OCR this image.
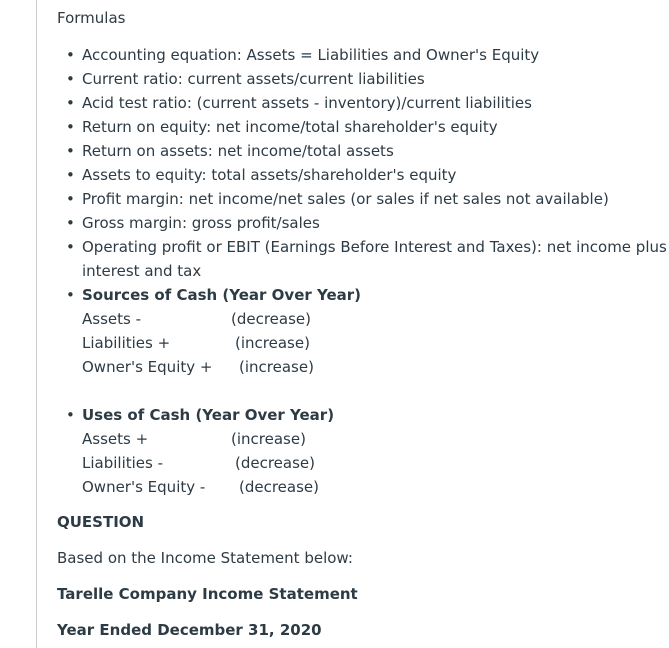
Formulas
• Accounting equation: Assets = Liabilities and Owner's Equity
• Current ratio: current assets/current liabilities
• Acid test ratio: (current assets - inventory)/current liabilities
• Return on equity: net income/total shareholder's equity
• Return on assets: net income/total assets
• Assets to equity: total assets/shareholder's equity
• Profit margin: net income/net sales (or sales if net sales not available)
• Gross margin: gross profit/sales
• Operating profit or EBIT (Earnings Before Interest and Taxes): net income plus
interest and tax
• Sources of Cash (Year Over Year)
Assets -	(decrease)
Liabilities +	(increase)
Owner's Equity + (increase)
• Uses of Cash (Year Over Year)
Assets +	(increase)
Liabilities -	(decrease)
Owner's Equity - (decrease)
QUESTION
Based on the Income Statement below:
Tarelle Company Income Statement
Year Ended December 31, 2020
